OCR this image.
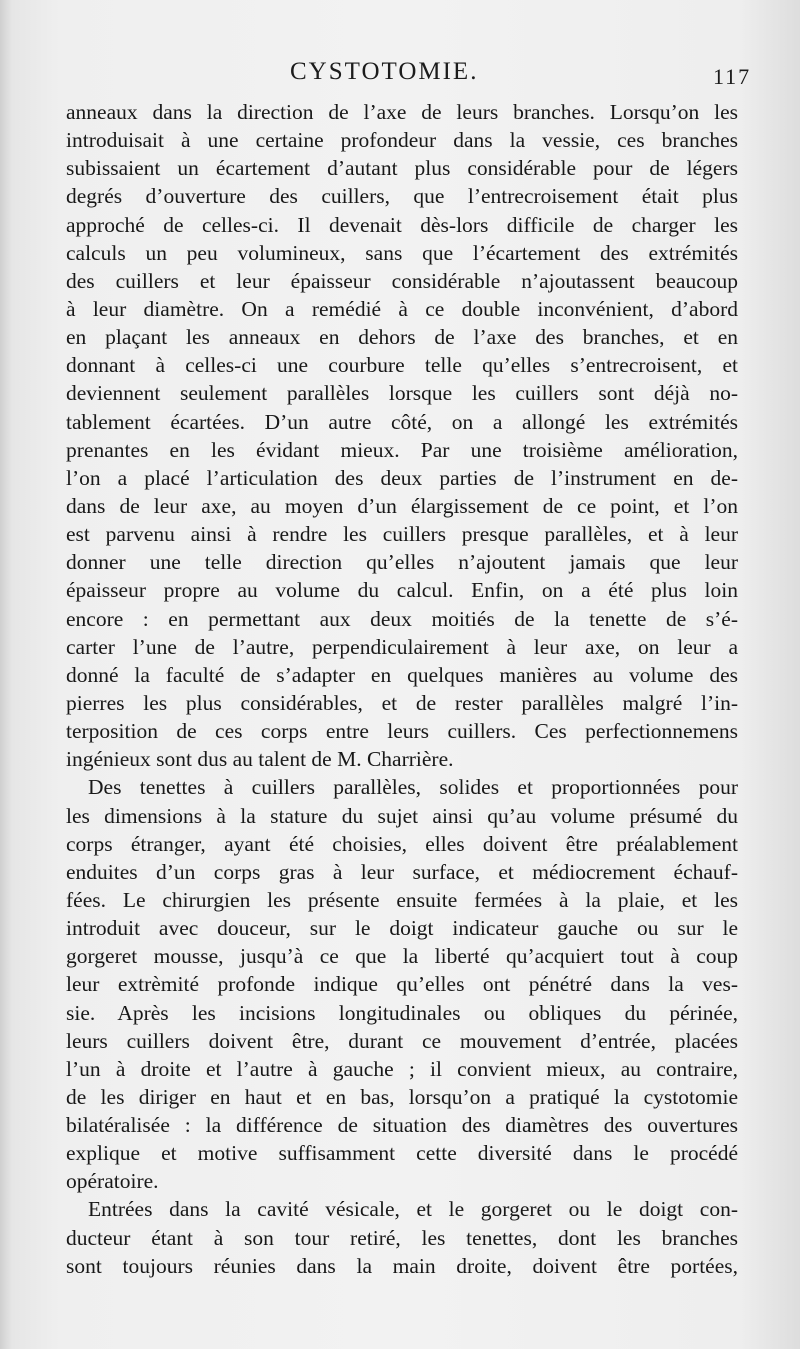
CYSTOTOMIE.	117
anneaux dans la direction de l’axe de leurs branches. Lorsqu’on les
introduisait à une certaine profondeur dans la vessie, ces branches
subissaient un écartement d’autant plus considérable pour de légers
degrés d’ouverture des cuillers, que l’entrecroisement était plus
approché de celles-ci. Il devenait dès-lors difficile de charger les
calculs un peu volumineux, sans que l’écartement des extrémités
des cuillers et leur épaisseur considérable n’ajoutassent beaucoup
à leur diamètre. On a remédié à ce double inconvénient, d’abord
en plaçant les anneaux en dehors de l’axe des branches, et en
donnant à celles-ci une courbure telle qu’elles s’entrecroisent, et
deviennent seulement parallèles lorsque les cuillers sont déjà no-
tablement écartées. D’un autre côté, on a allongé les extrémités
prenantes en les évidant mieux. Par une troisième amélioration,
l’on a placé l’articulation des deux parties de l’instrument en de-
dans de leur axe, au moyen d’un élargissement de ce point, et l’on
est parvenu ainsi à rendre les cuillers presque parallèles, et à leur
donner une telle direction qu’elles n’ajoutent jamais que leur
épaisseur propre au volume du calcul. Enfin, on a été plus loin
encore : en permettant aux deux moitiés de la tenette de s’é-
carter l’une de l’autre, perpendiculairement à leur axe, on leur a
donné la faculté de s’adapter en quelques manières au volume des
pierres les plus considérables, et de rester parallèles malgré l’in-
terposition de ces corps entre leurs cuillers. Ces perfectionnemens
ingénieux sont dus au talent de M. Charrière.
Des tenettes à cuillers parallèles, solides et proportionnées pour
les dimensions à la stature du sujet ainsi qu’au volume présumé du
corps étranger, ayant été choisies, elles doivent être préalablement
enduites d’un corps gras à leur surface, et médiocrement échauf-
fées. Le chirurgien les présente ensuite fermées à la plaie, et les
introduit avec douceur, sur le doigt indicateur gauche ou sur le
gorgeret mousse, jusqu’à ce que la liberté qu’acquiert tout à coup
leur extrèmité profonde indique qu’elles ont pénétré dans la ves-
sie. Après les incisions longitudinales ou obliques du périnée,
leurs cuillers doivent être, durant ce mouvement d’entrée, placées
l’un à droite et l’autre à gauche ; il convient mieux, au contraire,
de les diriger en haut et en bas, lorsqu’on a pratiqué la cystotomie
bilatéralisée : la différence de situation des diamètres des ouvertures
explique et motive suffisamment cette diversité dans le procédé
opératoire.
Entrées dans la cavité vésicale, et le gorgeret ou le doigt con-
ducteur étant à son tour retiré, les tenettes, dont les branches
sont toujours réunies dans la main droite, doivent être portées,
